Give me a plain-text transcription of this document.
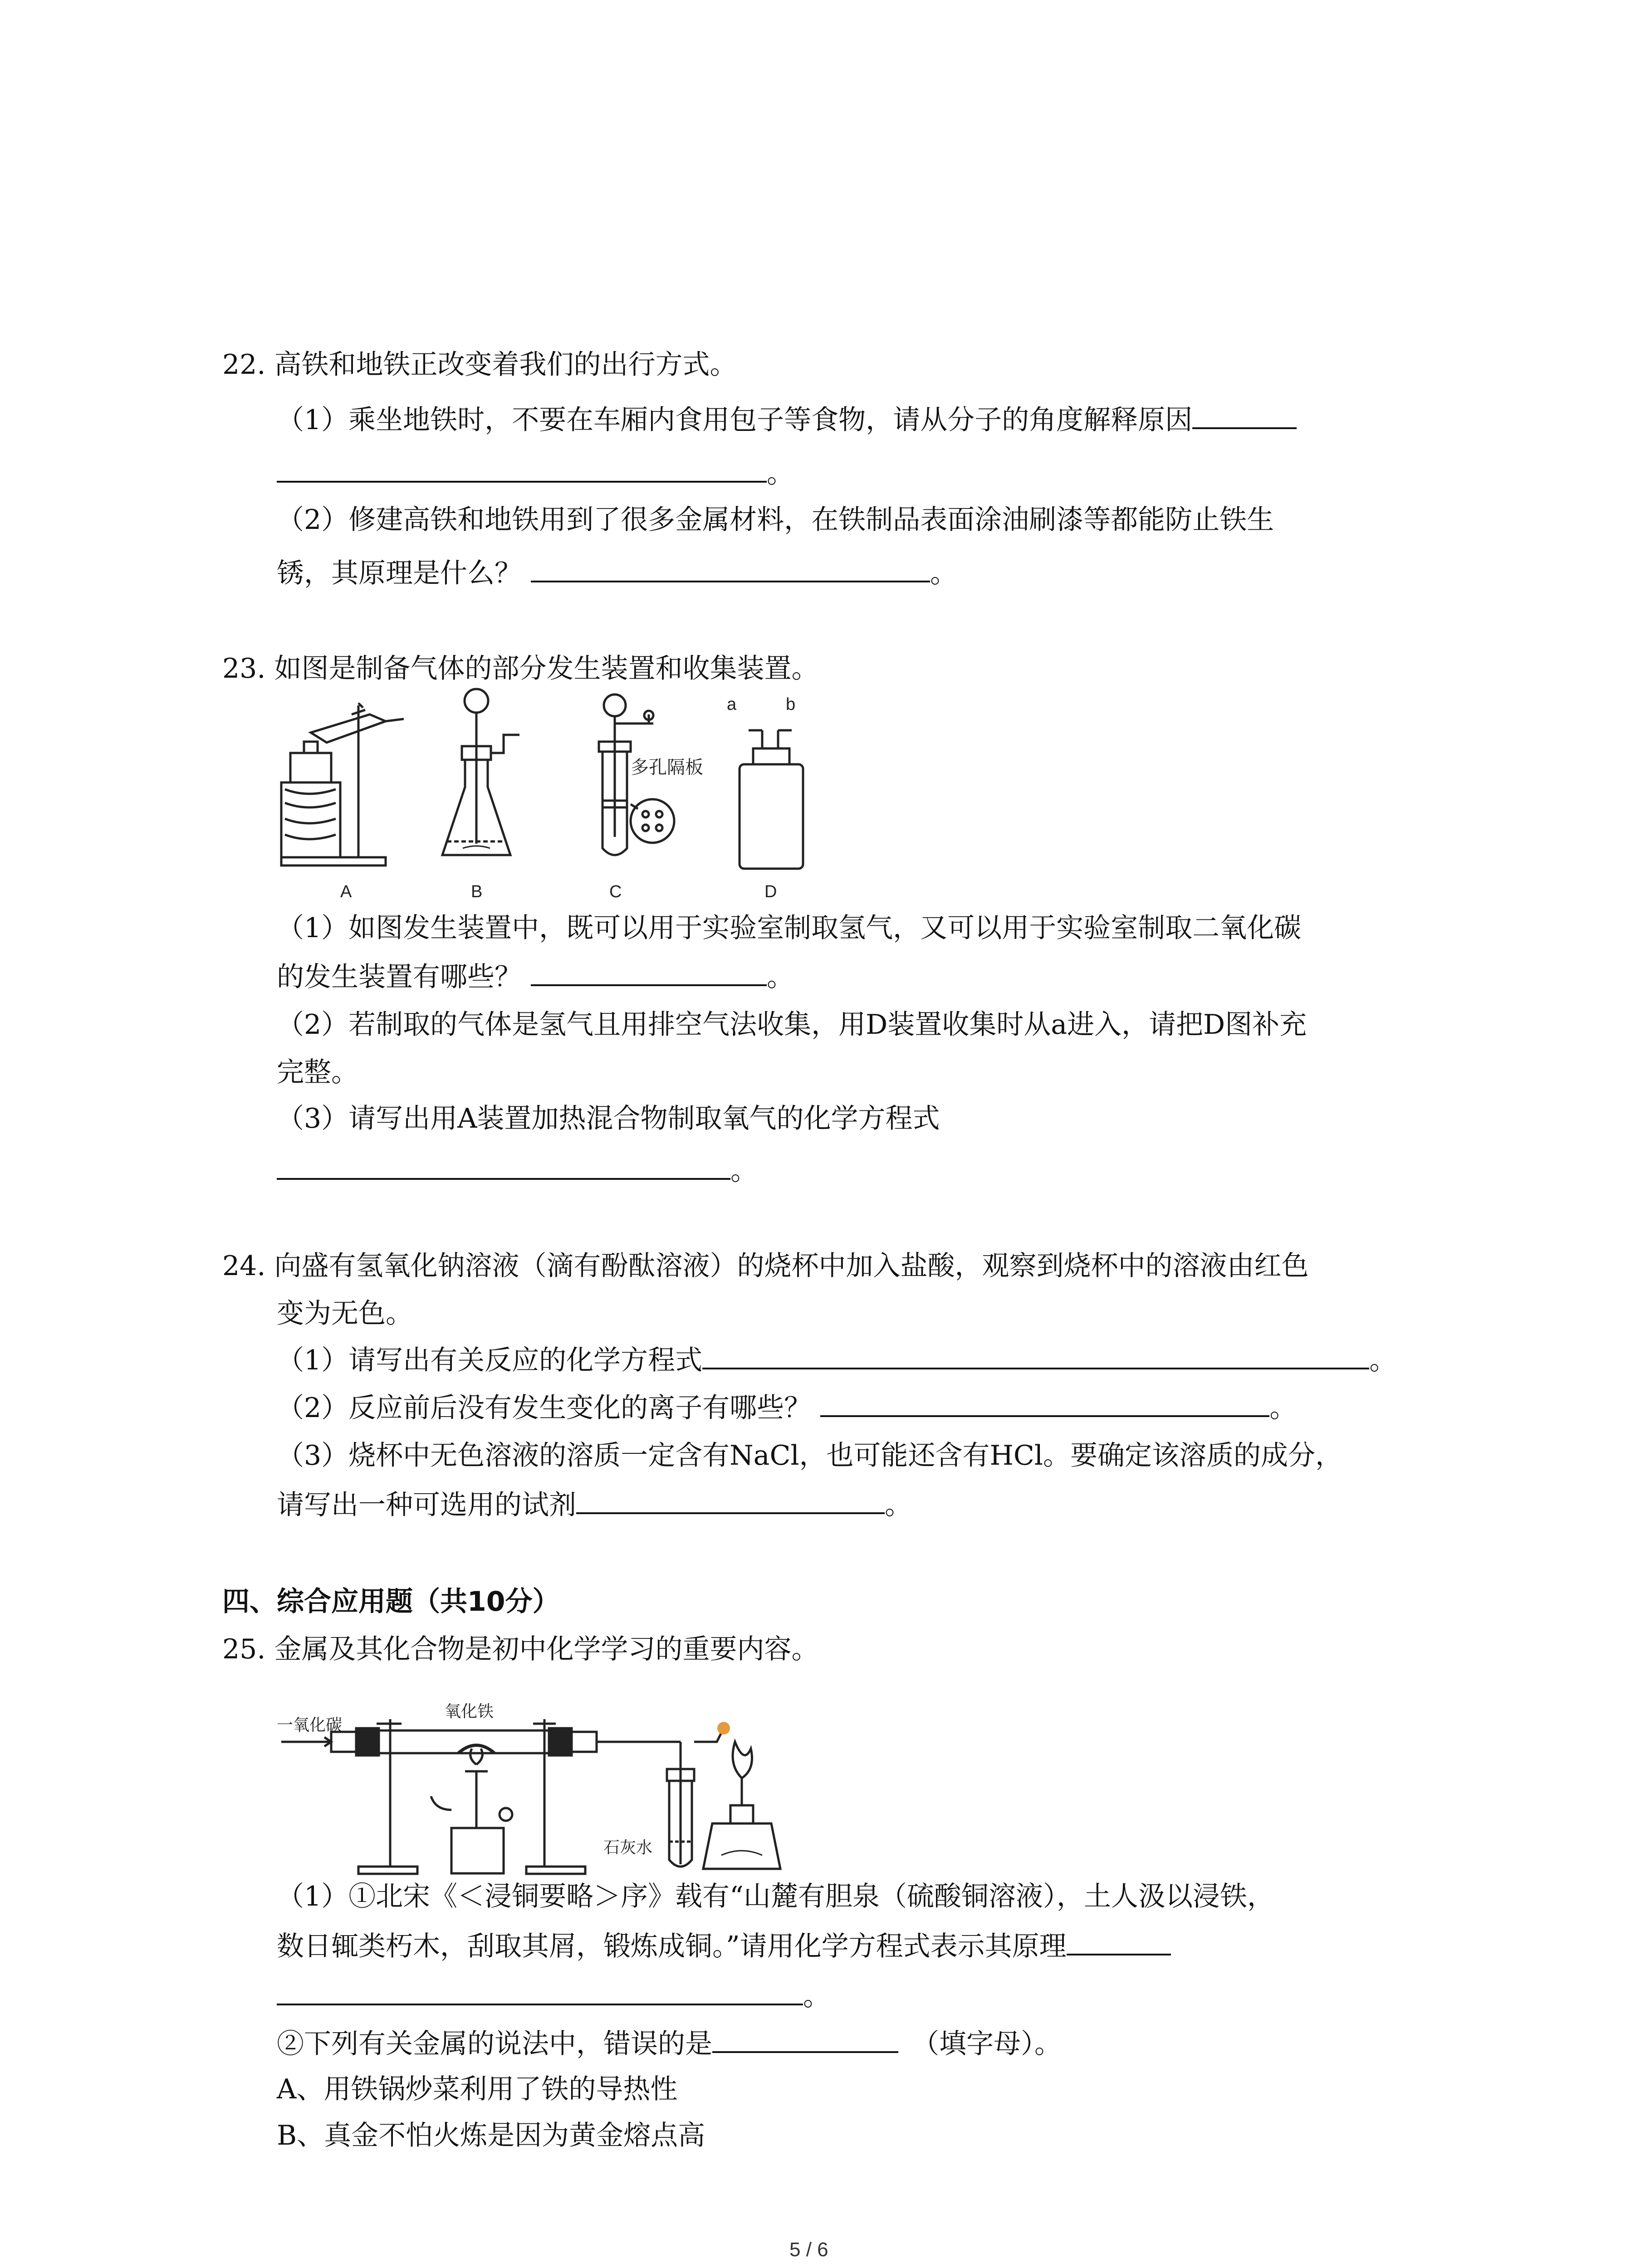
22. 高铁和地铁正改变着我们的出行方式。
（1）乘坐地铁时，不要在车厢内食用包子等食物，请从分子的角度解释原因
。
（2）修建高铁和地铁用到了很多金属材料，在铁制品表面涂油刷漆等都能防止铁生
锈，其原理是什么？	。
23. 如图是制备气体的部分发生装置和收集装置。
多孔隔板
a	b
A	B	C	D
（1）如图发生装置中，既可以用于实验室制取氢气，又可以用于实验室制取二氧化碳
的发生装置有哪些？	。
（2）若制取的气体是氢气且用排空气法收集，用D装置收集时从a进入，请把D图补充
完整。
（3）请写出用A装置加热混合物制取氧气的化学方程式
。
24. 向盛有氢氧化钠溶液（滴有酚酞溶液）的烧杯中加入盐酸，观察到烧杯中的溶液由红色
变为无色。
（1）请写出有关反应的化学方程式	。
（2）反应前后没有发生变化的离子有哪些？	。
（3）烧杯中无色溶液的溶质一定含有NaCl，也可能还含有HCl。要确定该溶质的成分，
请写出一种可选用的试剂	。
四、综合应用题（共10分）
25. 金属及其化合物是初中化学学习的重要内容。
一氧化碳
氧化铁
石灰水
（1）①北宋《＜浸铜要略＞序》载有“山麓有胆泉（硫酸铜溶液），土人汲以浸铁，
数日辄类朽木，刮取其屑，锻炼成铜。”请用化学方程式表示其原理
。
②下列有关金属的说法中，错误的是	（填字母）。
A、用铁锅炒菜利用了铁的导热性
B、真金不怕火炼是因为黄金熔点高
5 / 6
